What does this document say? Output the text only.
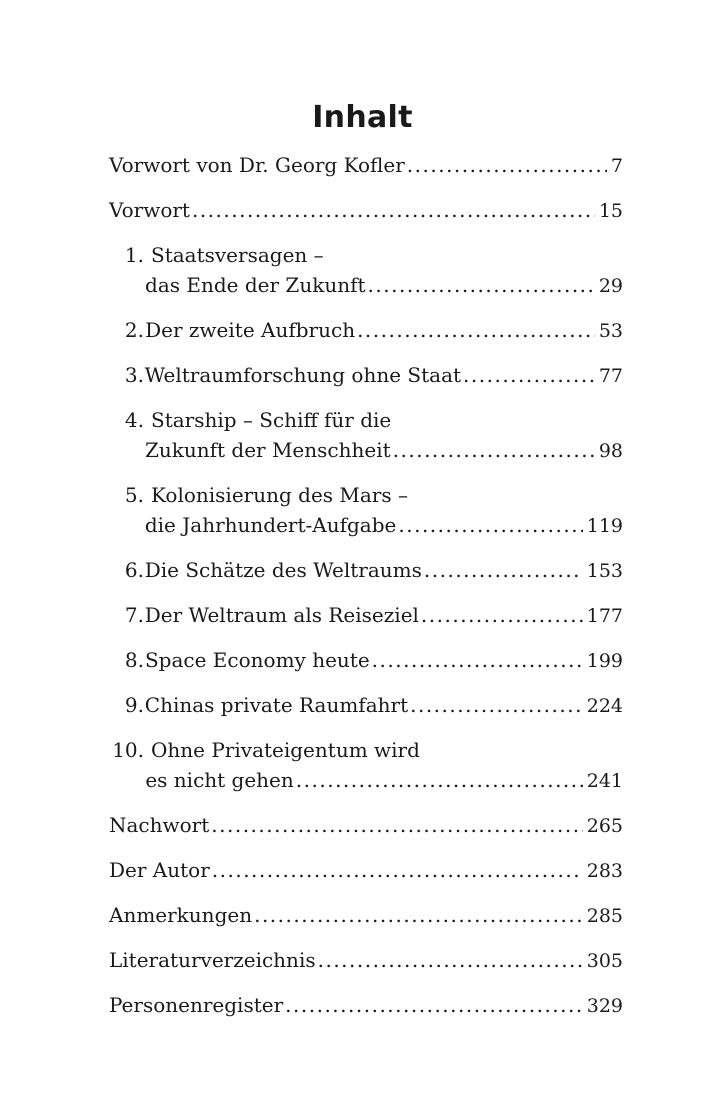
Inhalt
Vorwort von Dr. Georg Kofler .....	7
Vorwort .....	15
1. Staatsversagen –
das Ende der Zukunft .....	29
2. Der zweite Aufbruch .....	53
3. Weltraumforschung ohne Staat .....	77
4. Starship – Schiff für die
Zukunft der Menschheit .....	98
5. Kolonisierung des Mars –
die Jahrhundert-Aufgabe .....	119
6. Die Schätze des Weltraums .....	153
7. Der Weltraum als Reiseziel .....	177
8. Space Economy heute .....	199
9. Chinas private Raumfahrt .....	224
10. Ohne Privateigentum wird
es nicht gehen .....	241
Nachwort .....	265
Der Autor .....	283
Anmerkungen .....	285
Literaturverzeichnis .....	305
Personenregister .....	329
